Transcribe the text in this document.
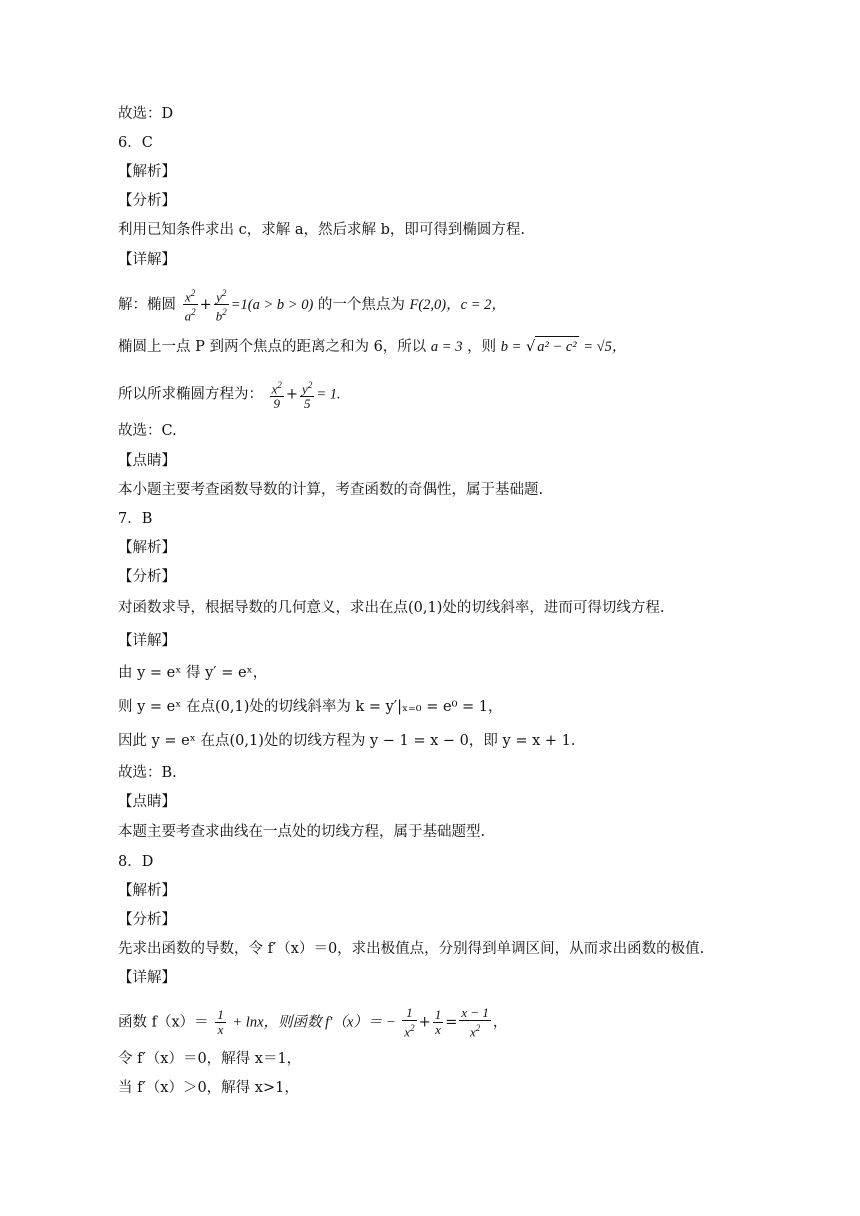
故选：D
6．C
【解析】
【分析】
利用已知条件求出 c，求解 a，然后求解 b，即可得到椭圆方程.
【详解】
解：椭圆 $\frac{x^2}{a^2} + \frac{y^2}{b^2} =1(a > b > 0)$ 的一个焦点为 F(2,0)，c = 2，
椭圆上一点 P 到两个焦点的距离之和为 6，所以 a = 3 ，则 b = √ a² − c² = √5，
所以所求椭圆方程为： $\frac{x^2}{9} + \frac{y^2}{5} = 1$.
故选：C.
【点睛】
本小题主要考查函数导数的计算，考查函数的奇偶性，属于基础题.
7．B
【解析】
【分析】
对函数求导，根据导数的几何意义，求出在点(0,1)处的切线斜率，进而可得切线方程.
【详解】
由 y = eˣ 得 y′ = eˣ，
则 y = eˣ 在点(0,1)处的切线斜率为 k = y′|ₓ₌₀ = e⁰ = 1，
因此 y = eˣ 在点(0,1)处的切线方程为 y − 1 = x − 0，即 y = x + 1.
故选：B.
【点睛】
本题主要考查求曲线在一点处的切线方程，属于基础题型.
8．D
【解析】
【分析】
先求出函数的导数，令 f′（x）＝0，求出极值点，分别得到单调区间，从而求出函数的极值.
【详解】
函数 $f(x)= \frac{1}{x} + \ln x$，则函数 $f'(x)= - \frac{1}{x^2} + \frac{1}{x} = \frac{x - 1}{x^2}$ ，
令 f′（x）＝0，解得 x＝1，
当 f′（x）＞0，解得 x>1，
